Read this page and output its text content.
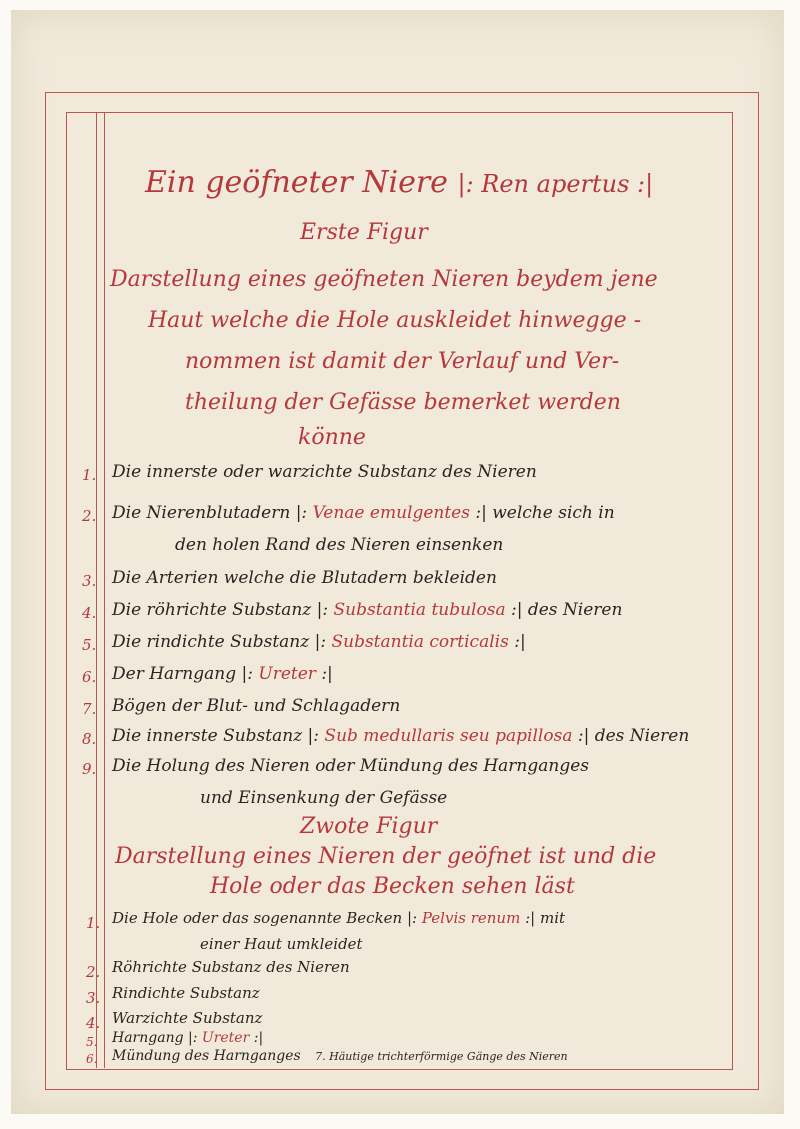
Ein geöfneter Niere |: Ren apertus :|
Erste Figur
Darstellung eines geöfneten Nieren beydem jene
Haut welche die Hole auskleidet hinwegge -
nommen ist damit der Verlauf und Ver-
theilung der Gefässe bemerket werden
könne
1. Die innerste oder warzichte Substanz des Nieren
2. Die Nierenblutadern |: Venae emulgentes :| welche sich in
den holen Rand des Nieren einsenken
3. Die Arterien welche die Blutadern bekleiden
4. Die röhrichte Substanz |: Substantia tubulosa :| des Nieren
5. Die rindichte Substanz |: Substantia corticalis :|
6. Der Harngang |: Ureter :|
7. Bögen der Blut- und Schlagadern
8. Die innerste Substanz |: Sub medullaris seu papillosa :| des Nieren
9. Die Holung des Nieren oder Mündung des Harnganges
und Einsenkung der Gefässe
Zwote Figur
Darstellung eines Nieren der geöfnet ist und die
Hole oder das Becken sehen läst
1. Die Hole oder das sogenannte Becken |: Pelvis renum :| mit
einer Haut umkleidet
2. Röhrichte Substanz des Nieren
3. Rindichte Substanz
4. Warzichte Substanz
5. Harngang |: Ureter :|
6. Mündung des Harnganges 7. Häutige trichterförmige Gänge des Nieren
